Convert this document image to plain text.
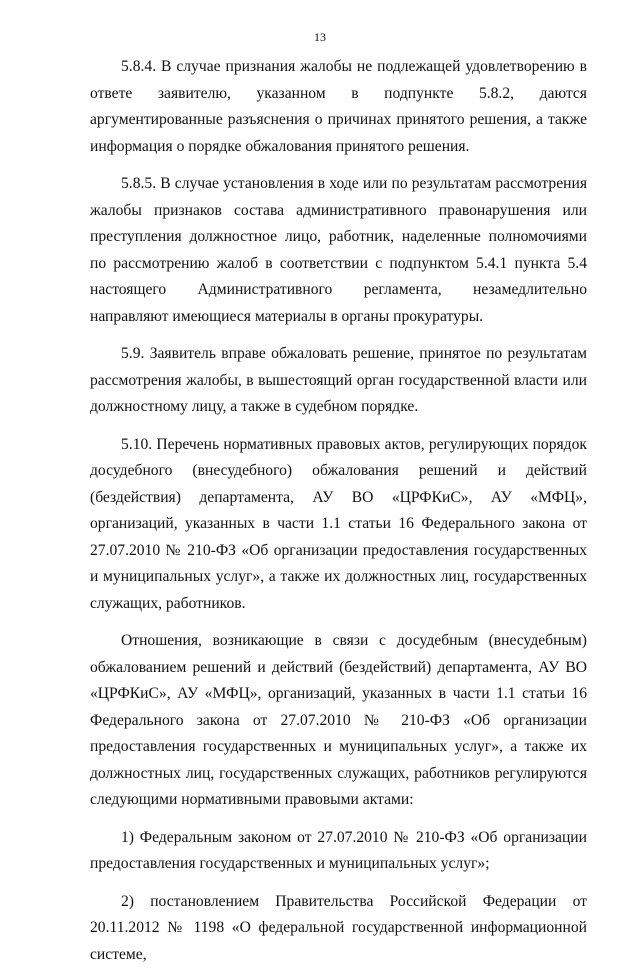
13

5.8.4. В случае признания жалобы не подлежащей удовлетворению в ответе заявителю, указанном в подпункте 5.8.2, даются аргументированные разъяснения о причинах принятого решения, а также информация о порядке обжалования принятого решения.

5.8.5. В случае установления в ходе или по результатам рассмотрения жалобы признаков состава административного правонарушения или преступления должностное лицо, работник, наделенные полномочиями по рассмотрению жалоб в соответствии с подпунктом 5.4.1 пункта 5.4 настоящего Административного регламента, незамедлительно направляют имеющиеся материалы в органы прокуратуры.

5.9. Заявитель вправе обжаловать решение, принятое по результатам рассмотрения жалобы, в вышестоящий орган государственной власти или должностному лицу, а также в судебном порядке.

5.10. Перечень нормативных правовых актов, регулирующих порядок досудебного (внесудебного) обжалования решений и действий (бездействия) департамента, АУ ВО «ЦРФКиС», АУ «МФЦ», организаций, указанных в части 1.1 статьи 16 Федерального закона от 27.07.2010 № 210-ФЗ «Об организации предоставления государственных и муниципальных услуг», а также их должностных лиц, государственных служащих, работников.

Отношения, возникающие в связи с досудебным (внесудебным) обжалованием решений и действий (бездействий) департамента, АУ ВО «ЦРФКиС», АУ «МФЦ», организаций, указанных в части 1.1 статьи 16 Федерального закона от 27.07.2010 № 210-ФЗ «Об организации предоставления государственных и муниципальных услуг», а также их должностных лиц, государственных служащих, работников регулируются следующими нормативными правовыми актами:

1) Федеральным законом от 27.07.2010 № 210-ФЗ «Об организации предоставления государственных и муниципальных услуг»;

2) постановлением Правительства Российской Федерации от 20.11.2012 № 1198 «О федеральной государственной информационной системе,
